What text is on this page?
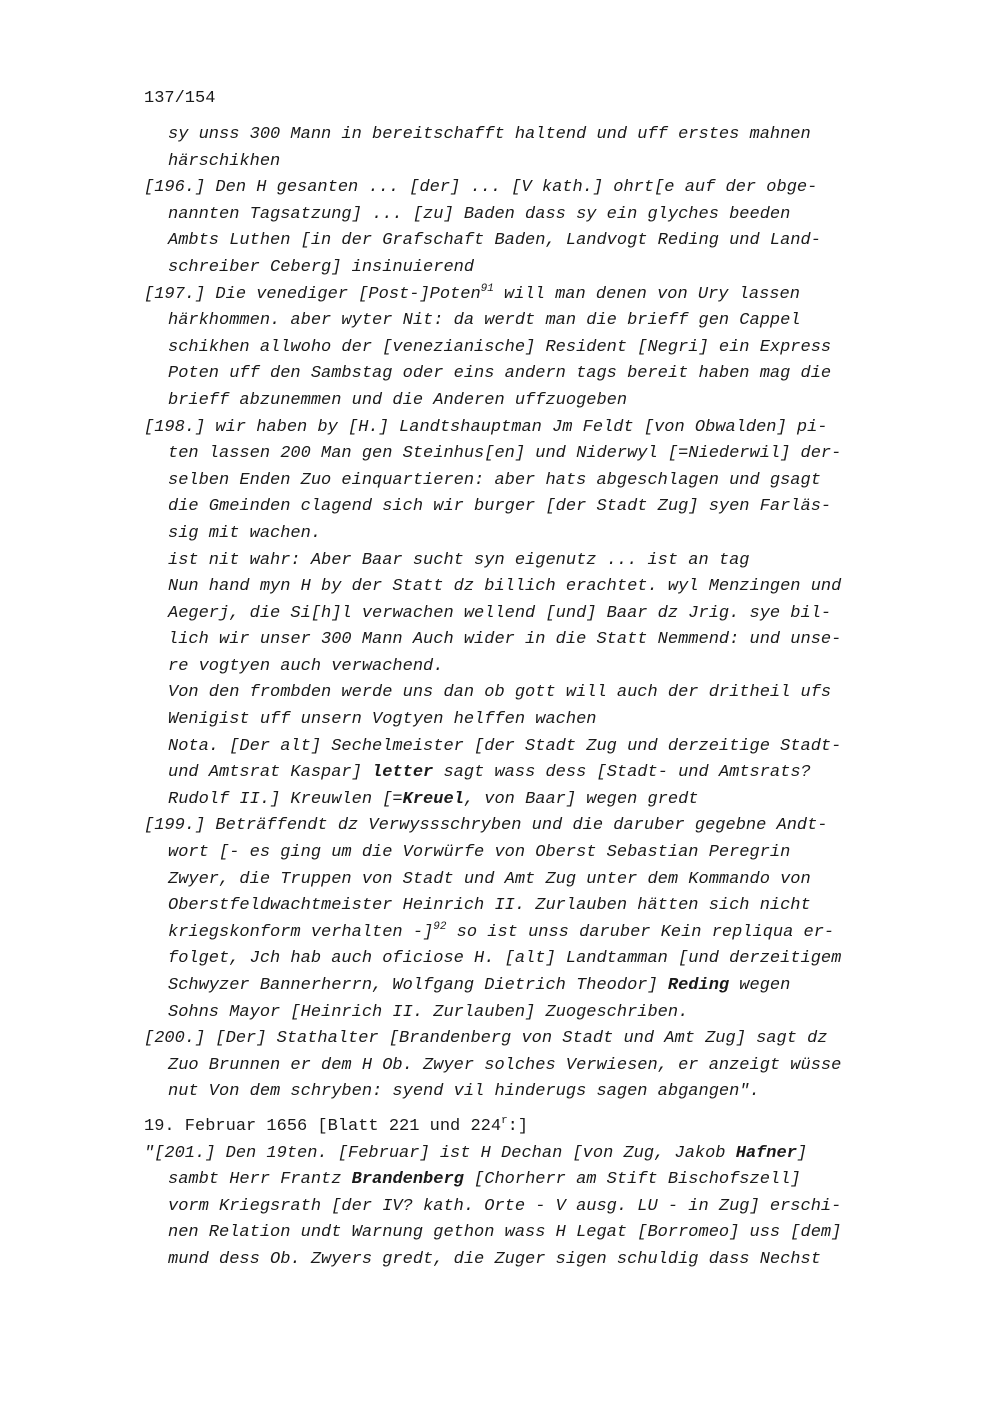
137/154
sy unss 300 Mann in bereitschafft haltend und uff erstes mahnen
härschikhen
[196.] Den H gesanten ... [der] ... [V kath.] ohrt[e auf der obge-
nannten Tagsatzung] ... [zu] Baden dass sy ein glyches beeden
Ambts Luthen [in der Grafschaft Baden, Landvogt Reding und Land-
schreiber Ceberg] insinuierend
[197.] Die venediger [Post-]Poten$^{91}$ will man denen von Ury lassen
härkhommen. aber wyter Nit: da werdt man die brieff gen Cappel
schikhen allwoho der [venezianische] Resident [Negri] ein Express
Poten uff den Sambstag oder eins andern tags bereit haben mag die
brieff abzunemmen und die Anderen uffzuogeben
[198.] wir haben by [H.] Landtshauptman Jm Feldt [von Obwalden] pi-
ten lassen 200 Man gen Steinhus[en] und Niderwyl [=Niederwil] der-
selben Enden Zuo einquartieren: aber hats abgeschlagen und gsagt
die Gmeinden clagend sich wir burger [der Stadt Zug] syen Farläs-
sig mit wachen.
ist nit wahr: Aber Baar sucht syn eigenutz ... ist an tag
Nun hand myn H by der Statt dz billich erachtet. wyl Menzingen und
Aegerj, die Si[h]l verwachen wellend [und] Baar dz Jrig. sye bil-
lich wir unser 300 Mann Auch wider in die Statt Nemmend: und unse-
re vogtyen auch verwachend.
Von den frombden werde uns dan ob gott will auch der dritheil ufs
Wenigist uff unsern Vogtyen helffen wachen
Nota. [Der alt] Sechelmeister [der Stadt Zug und derzeitige Stadt-
und Amtsrat Kaspar] letter sagt wass dess [Stadt- und Amtsrats?
Rudolf II.] Kreuwlen [=Kreuel, von Baar] wegen gredt
[199.] Beträffendt dz Verwyssschryben und die daruber gegebne Andt-
wort [- es ging um die Vorwürfe von Oberst Sebastian Peregrin
Zwyer, die Truppen von Stadt und Amt Zug unter dem Kommando von
Oberstfeldwachtmeister Heinrich II. Zurlauben hätten sich nicht
kriegskonform verhalten -]$^{92}$ so ist unss daruber Kein repliqua er-
folget, Jch hab auch oficiose H. [alt] Landtamman [und derzeitigem
Schwyzer Bannerherrn, Wolfgang Dietrich Theodor] Reding wegen
Sohns Mayor [Heinrich II. Zurlauben] Zuogeschriben.
[200.] [Der] Stathalter [Brandenberg von Stadt und Amt Zug] sagt dz
Zuo Brunnen er dem H Ob. Zwyer solches Verwiesen, er anzeigt wüsse
nut Von dem schryben: syend vil hinderugs sagen abgangen".
19. Februar 1656 [Blatt 221 und 224$^r$:]
"[201.] Den 19ten. [Februar] ist H Dechan [von Zug, Jakob Hafner]
sambt Herr Frantz Brandenberg [Chorherr am Stift Bischofszell]
vorm Kriegsrath [der IV? kath. Orte - V ausg. LU - in Zug] erschi-
nen Relation undt Warnung gethon wass H Legat [Borromeo] uss [dem]
mund dess Ob. Zwyers gredt, die Zuger sigen schuldig dass Nechst
